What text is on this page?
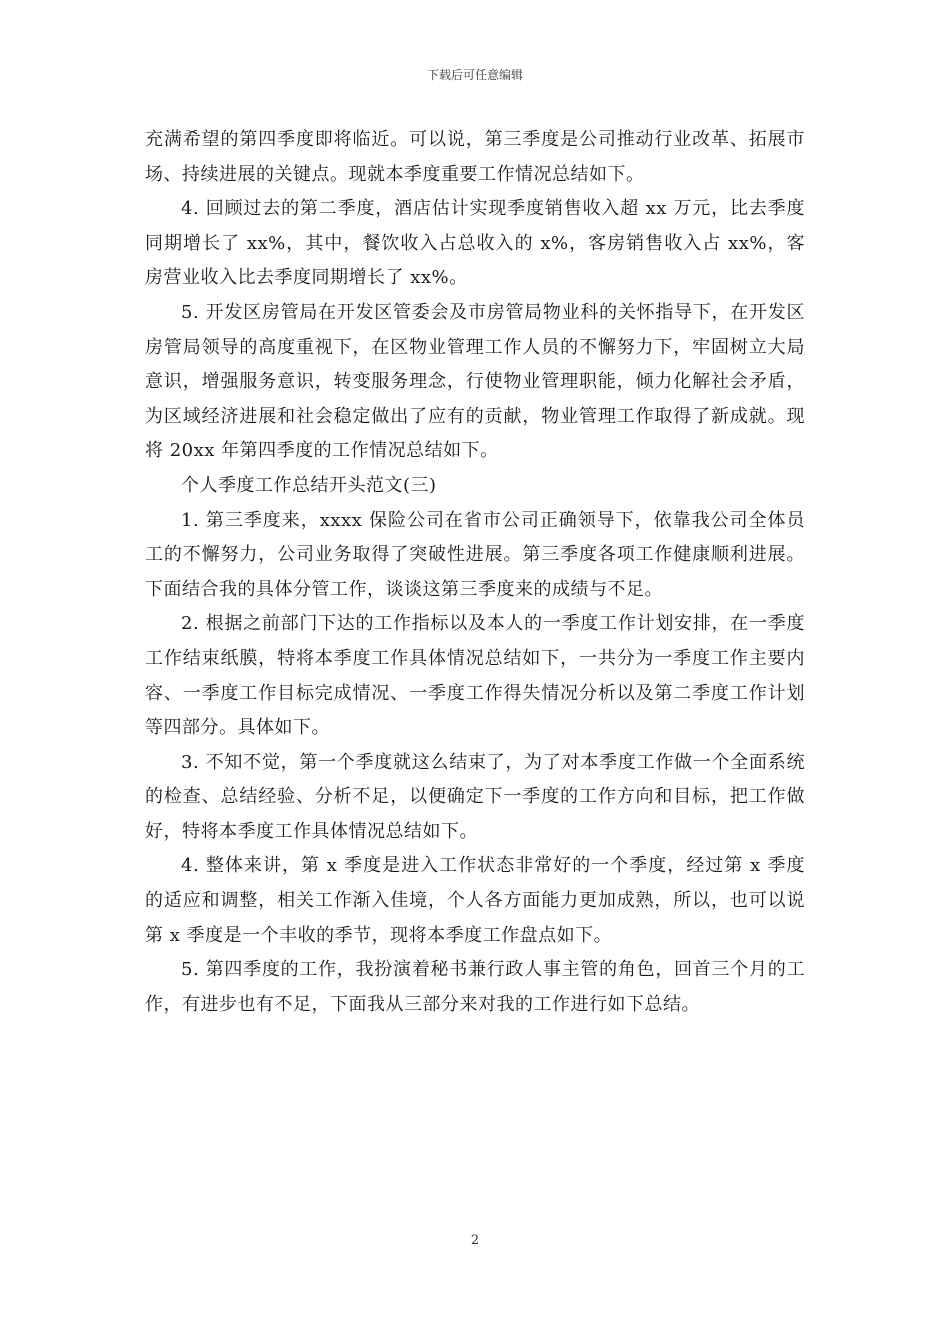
下载后可任意编辑

充满希望的第四季度即将临近。可以说，第三季度是公司推动行业改革、拓展市场、持续进展的关键点。现就本季度重要工作情况总结如下。

4. 回顾过去的第二季度，酒店估计实现季度销售收入超 xx 万元，比去季度同期增长了 xx%，其中，餐饮收入占总收入的 x%，客房销售收入占 xx%，客房营业收入比去季度同期增长了 xx%。

5. 开发区房管局在开发区管委会及市房管局物业科的关怀指导下，在开发区房管局领导的高度重视下，在区物业管理工作人员的不懈努力下，牢固树立大局意识，增强服务意识，转变服务理念，行使物业管理职能，倾力化解社会矛盾，为区域经济进展和社会稳定做出了应有的贡献，物业管理工作取得了新成就。现将 20xx 年第四季度的工作情况总结如下。

个人季度工作总结开头范文(三)

1. 第三季度来，xxxx 保险公司在省市公司正确领导下，依靠我公司全体员工的不懈努力，公司业务取得了突破性进展。第三季度各项工作健康顺利进展。下面结合我的具体分管工作，谈谈这第三季度来的成绩与不足。

2. 根据之前部门下达的工作指标以及本人的一季度工作计划安排，在一季度工作结束纸膜，特将本季度工作具体情况总结如下，一共分为一季度工作主要内容、一季度工作目标完成情况、一季度工作得失情况分析以及第二季度工作计划等四部分。具体如下。

3. 不知不觉，第一个季度就这么结束了，为了对本季度工作做一个全面系统的检查、总结经验、分析不足，以便确定下一季度的工作方向和目标，把工作做好，特将本季度工作具体情况总结如下。

4. 整体来讲，第 x 季度是进入工作状态非常好的一个季度，经过第 x 季度的适应和调整，相关工作渐入佳境，个人各方面能力更加成熟，所以，也可以说第 x 季度是一个丰收的季节，现将本季度工作盘点如下。

5. 第四季度的工作，我扮演着秘书兼行政人事主管的角色，回首三个月的工作，有进步也有不足，下面我从三部分来对我的工作进行如下总结。

2
